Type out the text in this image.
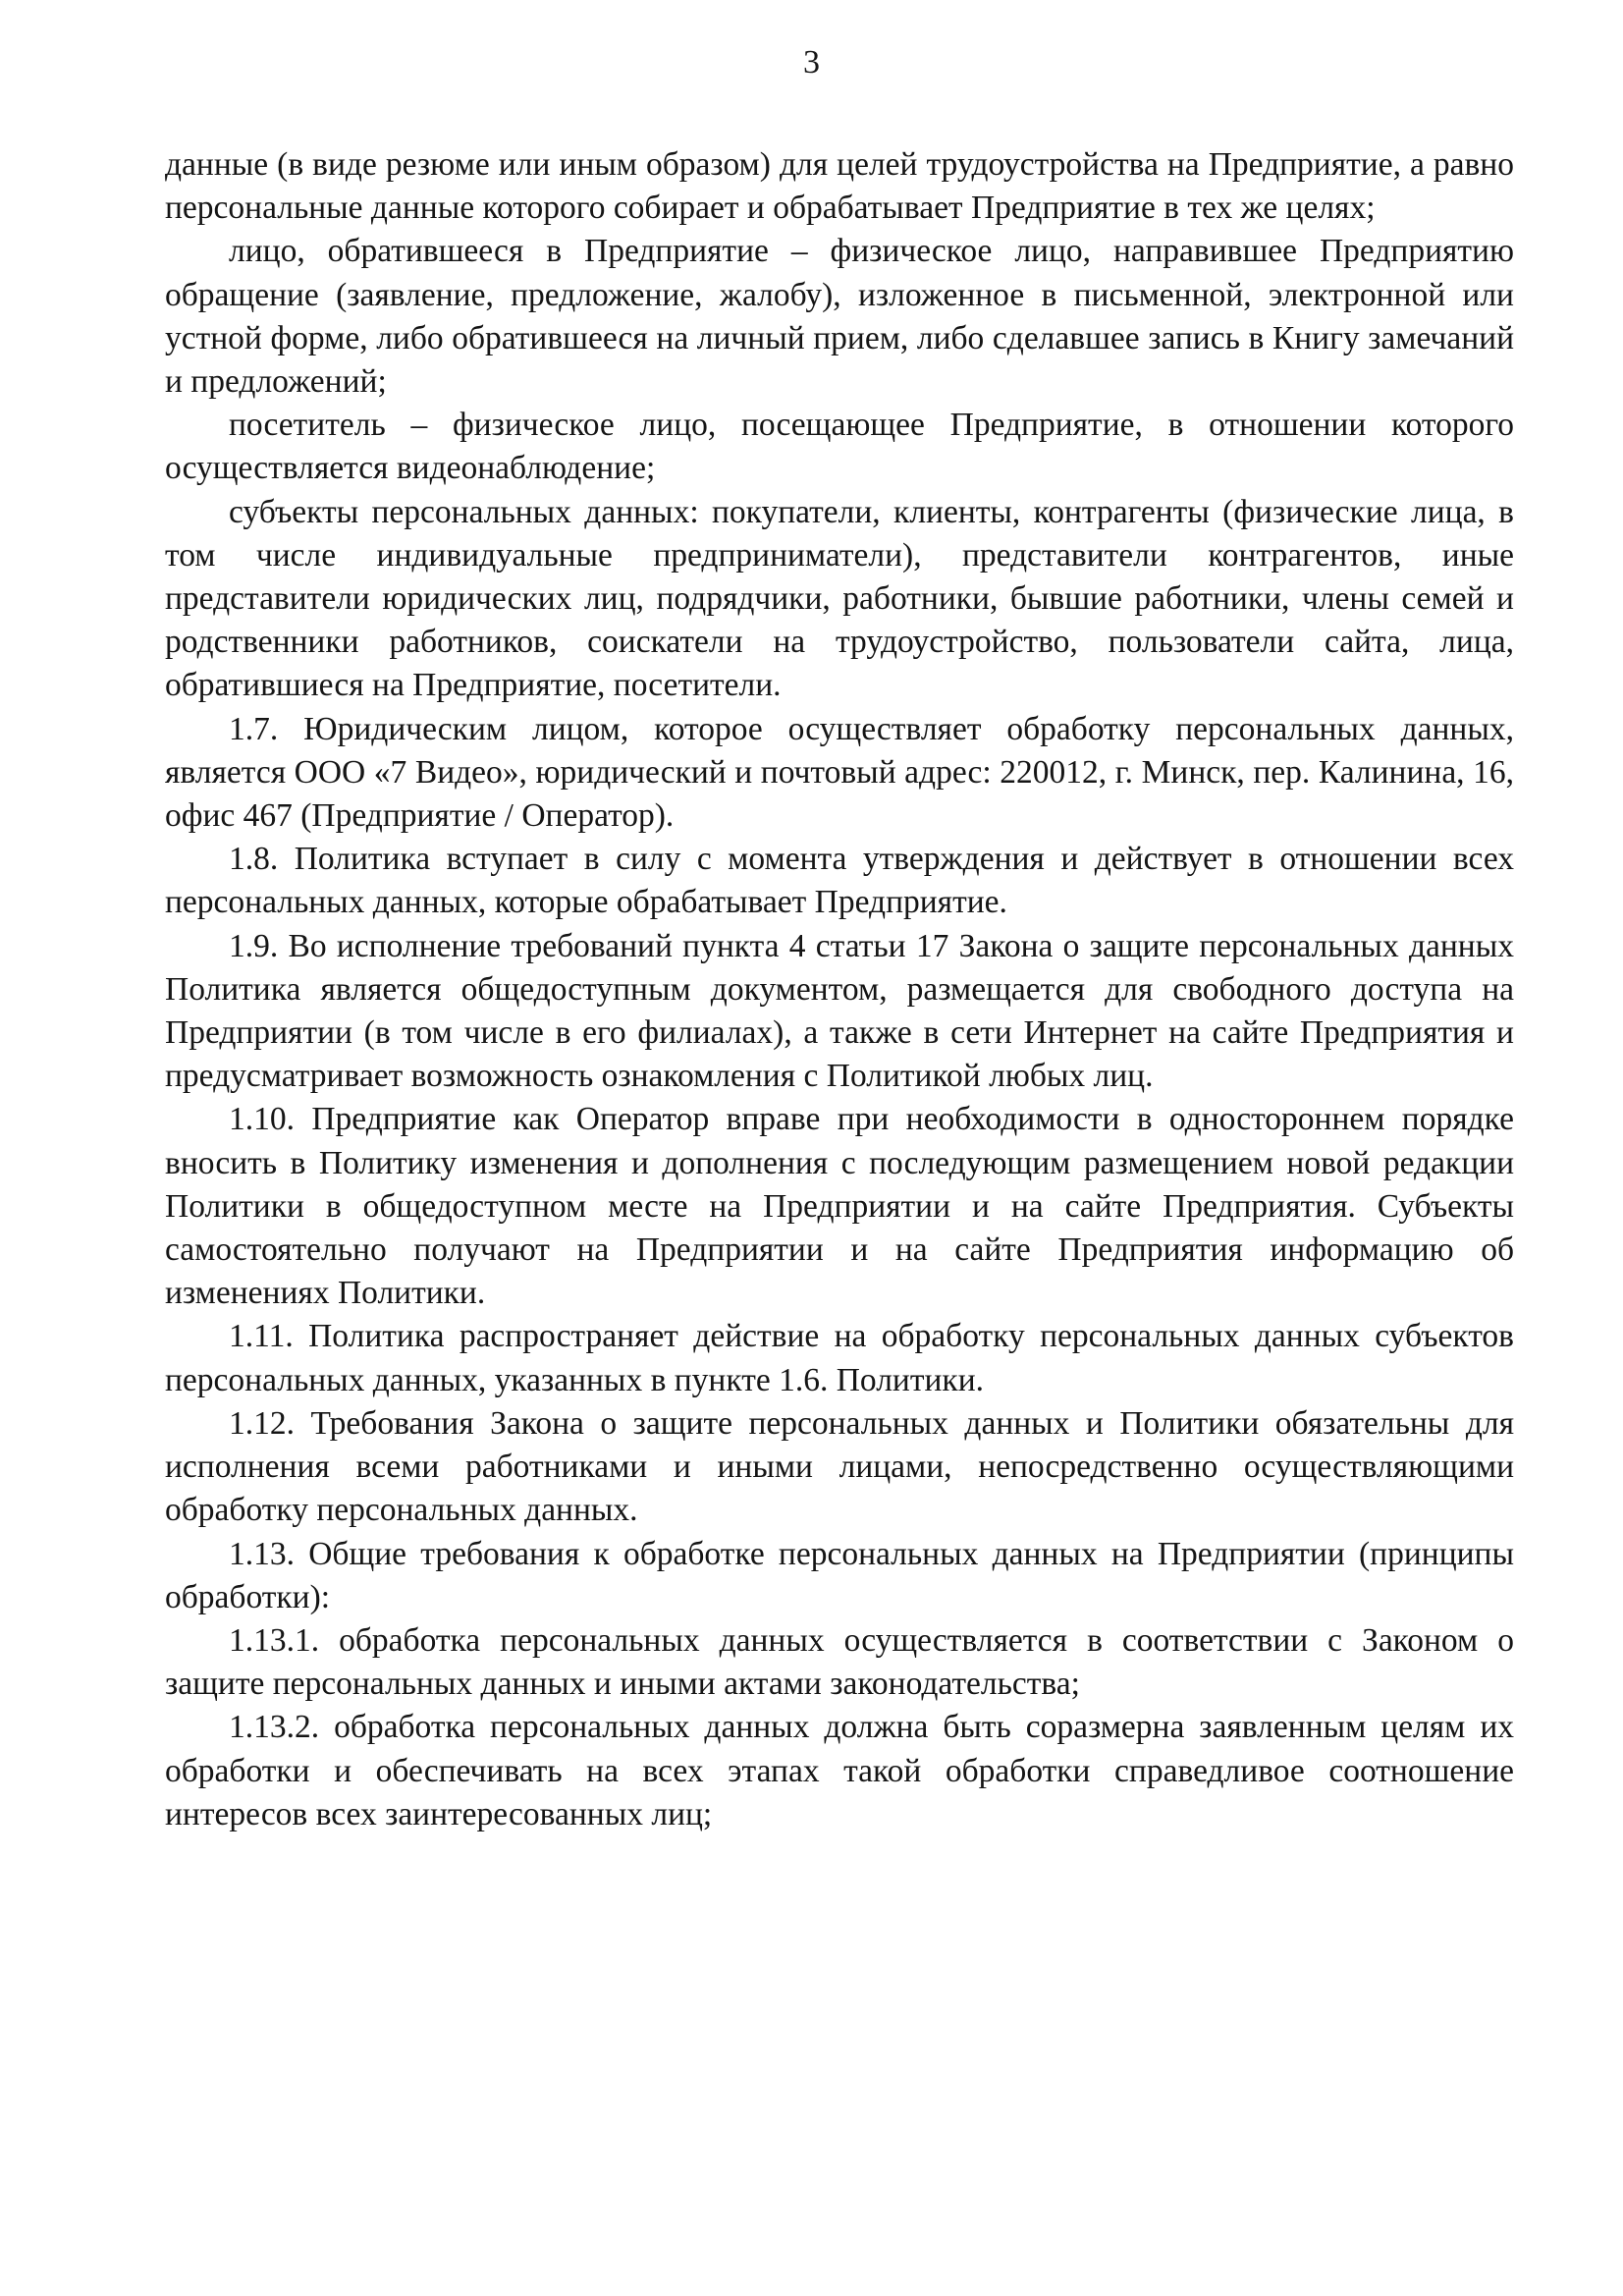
3

данные (в виде резюме или иным образом) для целей трудоустройства на Предприятие, а равно персональные данные которого собирает и обрабатывает Предприятие в тех же целях;

лицо, обратившееся в Предприятие – физическое лицо, направившее Предприятию обращение (заявление, предложение, жалобу), изложенное в письменной, электронной или устной форме, либо обратившееся на личный прием, либо сделавшее запись в Книгу замечаний и предложений;

посетитель – физическое лицо, посещающее Предприятие, в отношении которого осуществляется видеонаблюдение;

субъекты персональных данных: покупатели, клиенты, контрагенты (физические лица, в том числе индивидуальные предприниматели), представители контрагентов, иные представители юридических лиц, подрядчики, работники, бывшие работники, члены семей и родственники работников, соискатели на трудоустройство, пользователи сайта, лица, обратившиеся на Предприятие, посетители.

1.7. Юридическим лицом, которое осуществляет обработку персональных данных, является ООО «7 Видео», юридический и почтовый адрес: 220012, г. Минск, пер. Калинина, 16, офис 467 (Предприятие / Оператор).

1.8. Политика вступает в силу с момента утверждения и действует в отношении всех персональных данных, которые обрабатывает Предприятие.

1.9. Во исполнение требований пункта 4 статьи 17 Закона о защите персональных данных Политика является общедоступным документом, размещается для свободного доступа на Предприятии (в том числе в его филиалах), а также в сети Интернет на сайте Предприятия и предусматривает возможность ознакомления с Политикой любых лиц.

1.10. Предприятие как Оператор вправе при необходимости в одностороннем порядке вносить в Политику изменения и дополнения с последующим размещением новой редакции Политики в общедоступном месте на Предприятии и на сайте Предприятия. Субъекты самостоятельно получают на Предприятии и на сайте Предприятия информацию об изменениях Политики.

1.11. Политика распространяет действие на обработку персональных данных субъектов персональных данных, указанных в пункте 1.6. Политики.

1.12. Требования Закона о защите персональных данных и Политики обязательны для исполнения всеми работниками и иными лицами, непосредственно осуществляющими обработку персональных данных.

1.13. Общие требования к обработке персональных данных на Предприятии (принципы обработки):

1.13.1. обработка персональных данных осуществляется в соответствии с Законом о защите персональных данных и иными актами законодательства;

1.13.2. обработка персональных данных должна быть соразмерна заявленным целям их обработки и обеспечивать на всех этапах такой обработки справедливое соотношение интересов всех заинтересованных лиц;
